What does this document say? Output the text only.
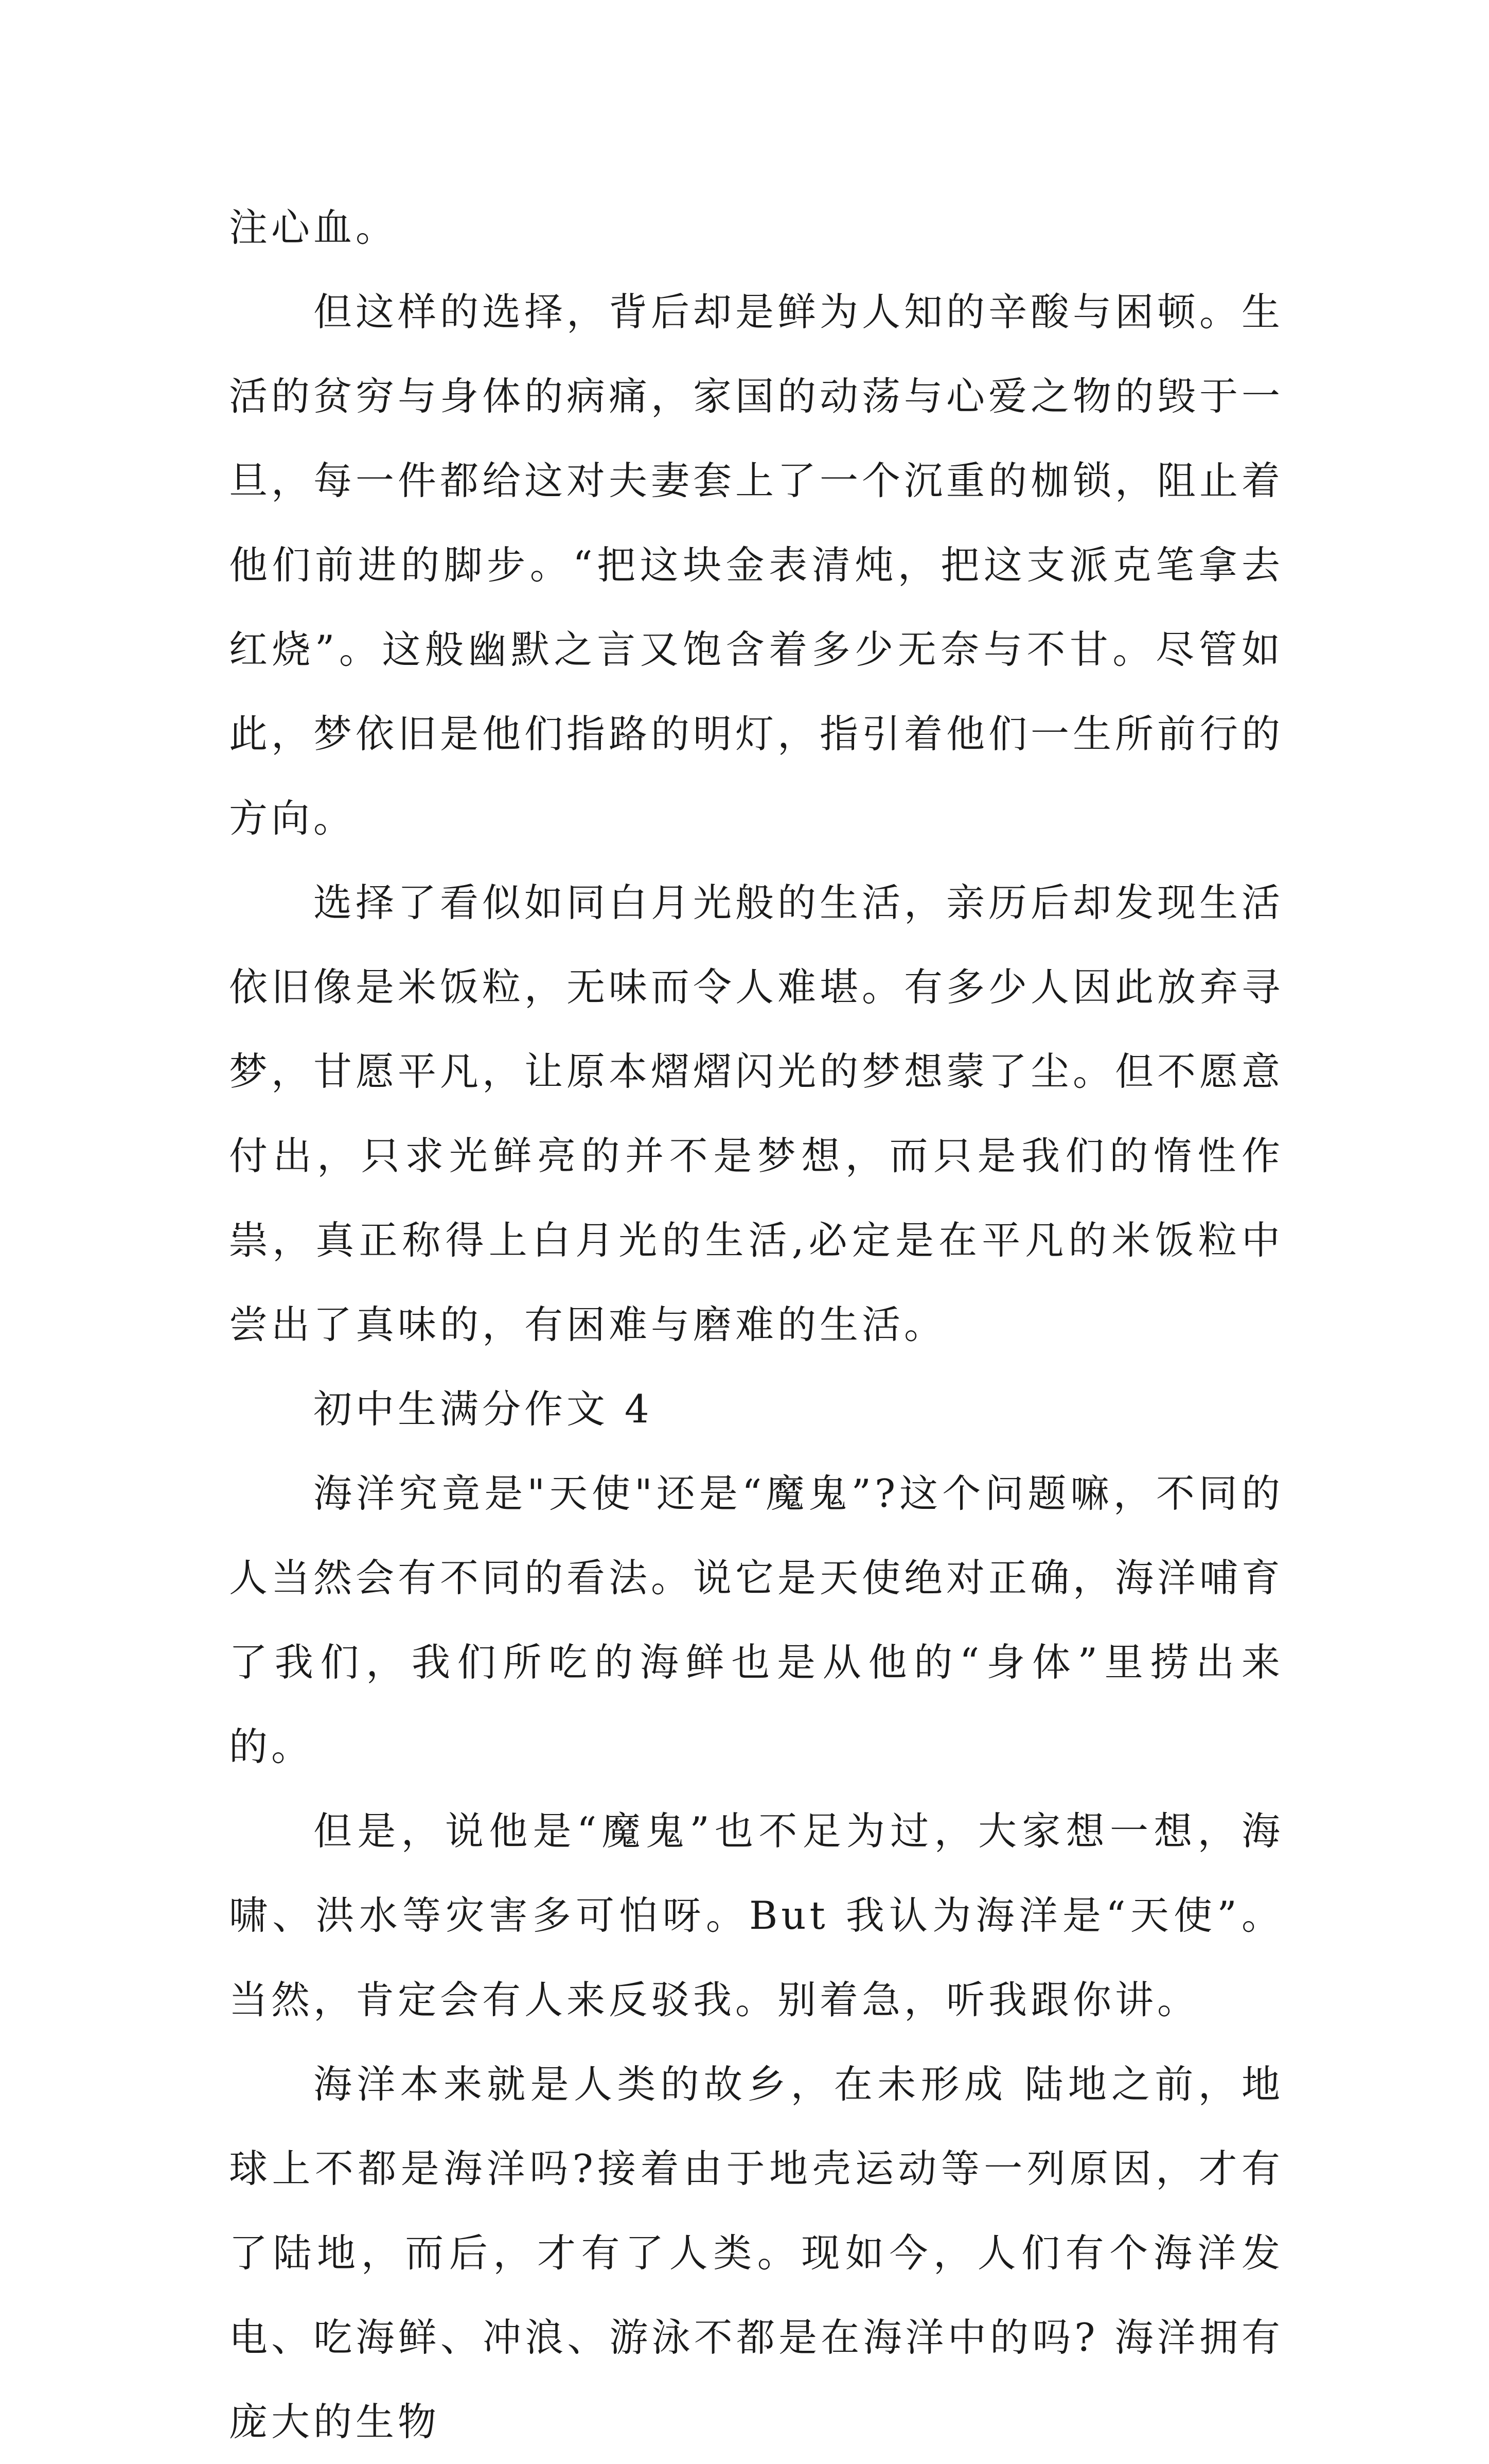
注心血。

但这样的选择，背后却是鲜为人知的辛酸与困顿。生活的贫穷与身体的病痛，家国的动荡与心爱之物的毁于一旦，每一件都给这对夫妻套上了一个沉重的枷锁，阻止着他们前进的脚步。“把这块金表清炖，把这支派克笔拿去红烧”。这般幽默之言又饱含着多少无奈与不甘。尽管如此，梦依旧是他们指路的明灯，指引着他们一生所前行的方向。

选择了看似如同白月光般的生活，亲历后却发现生活依旧像是米饭粒，无味而令人难堪。有多少人因此放弃寻梦，甘愿平凡，让原本熠熠闪光的梦想蒙了尘。但不愿意付出，只求光鲜亮的并不是梦想，而只是我们的惰性作祟，真正称得上白月光的生活,必定是在平凡的米饭粒中尝出了真味的，有困难与磨难的生活。

初中生满分作文 4

海洋究竟是"天使"还是“魔鬼”?这个问题嘛，不同的人当然会有不同的看法。说它是天使绝对正确，海洋哺育了我们，我们所吃的海鲜也是从他的“身体”里捞出来的。

但是，说他是“魔鬼”也不足为过，大家想一想，海啸、洪水等灾害多可怕呀。But 我认为海洋是“天使”。当然，肯定会有人来反驳我。别着急，听我跟你讲。

海洋本来就是人类的故乡，在未形成 陆地之前，地球上不都是海洋吗?接着由于地壳运动等一列原因，才有了陆地，而后，才有了人类。现如今，人们有个海洋发电、吃海鲜、冲浪、游泳不都是在海洋中的吗? 海洋拥有庞大的生物
